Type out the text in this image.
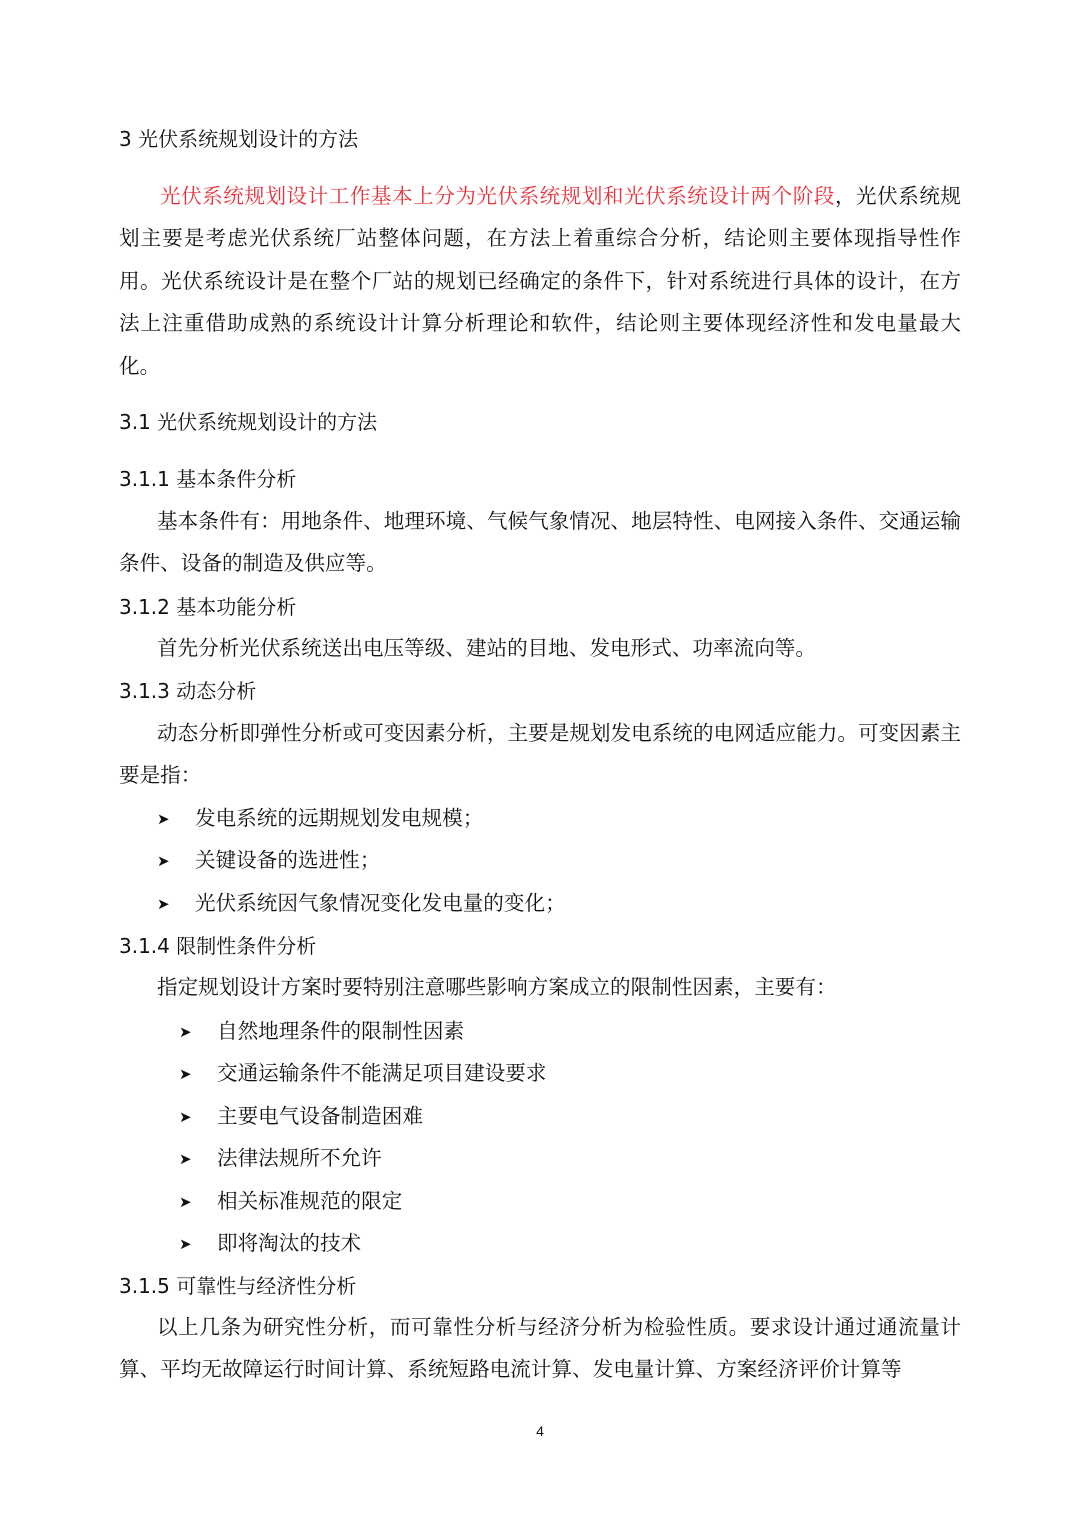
3 光伏系统规划设计的方法

光伏系统规划设计工作基本上分为光伏系统规划和光伏系统设计两个阶段，光伏系统规划主要是考虑光伏系统厂站整体问题，在方法上着重综合分析，结论则主要体现指导性作用。光伏系统设计是在整个厂站的规划已经确定的条件下，针对系统进行具体的设计，在方法上注重借助成熟的系统设计计算分析理论和软件，结论则主要体现经济性和发电量最大化。

3.1 光伏系统规划设计的方法
3.1.1 基本条件分析

基本条件有：用地条件、地理环境、气候气象情况、地层特性、电网接入条件、交通运输条件、设备的制造及供应等。

3.1.2 基本功能分析

首先分析光伏系统送出电压等级、建站的目地、发电形式、功率流向等。

3.1.3 动态分析

动态分析即弹性分析或可变因素分析，主要是规划发电系统的电网适应能力。可变因素主要是指：

➤ 发电系统的远期规划发电规模；
➤ 关键设备的选进性；
➤ 光伏系统因气象情况变化发电量的变化；
3.1.4 限制性条件分析

指定规划设计方案时要特别注意哪些影响方案成立的限制性因素，主要有：

➤ 自然地理条件的限制性因素
➤ 交通运输条件不能满足项目建设要求
➤ 主要电气设备制造困难
➤ 法律法规所不允许
➤ 相关标准规范的限定
➤ 即将淘汰的技术
3.1.5 可靠性与经济性分析

以上几条为研究性分析，而可靠性分析与经济分析为检验性质。要求设计通过通流量计算、平均无故障运行时间计算、系统短路电流计算、发电量计算、方案经济评价计算等

4
